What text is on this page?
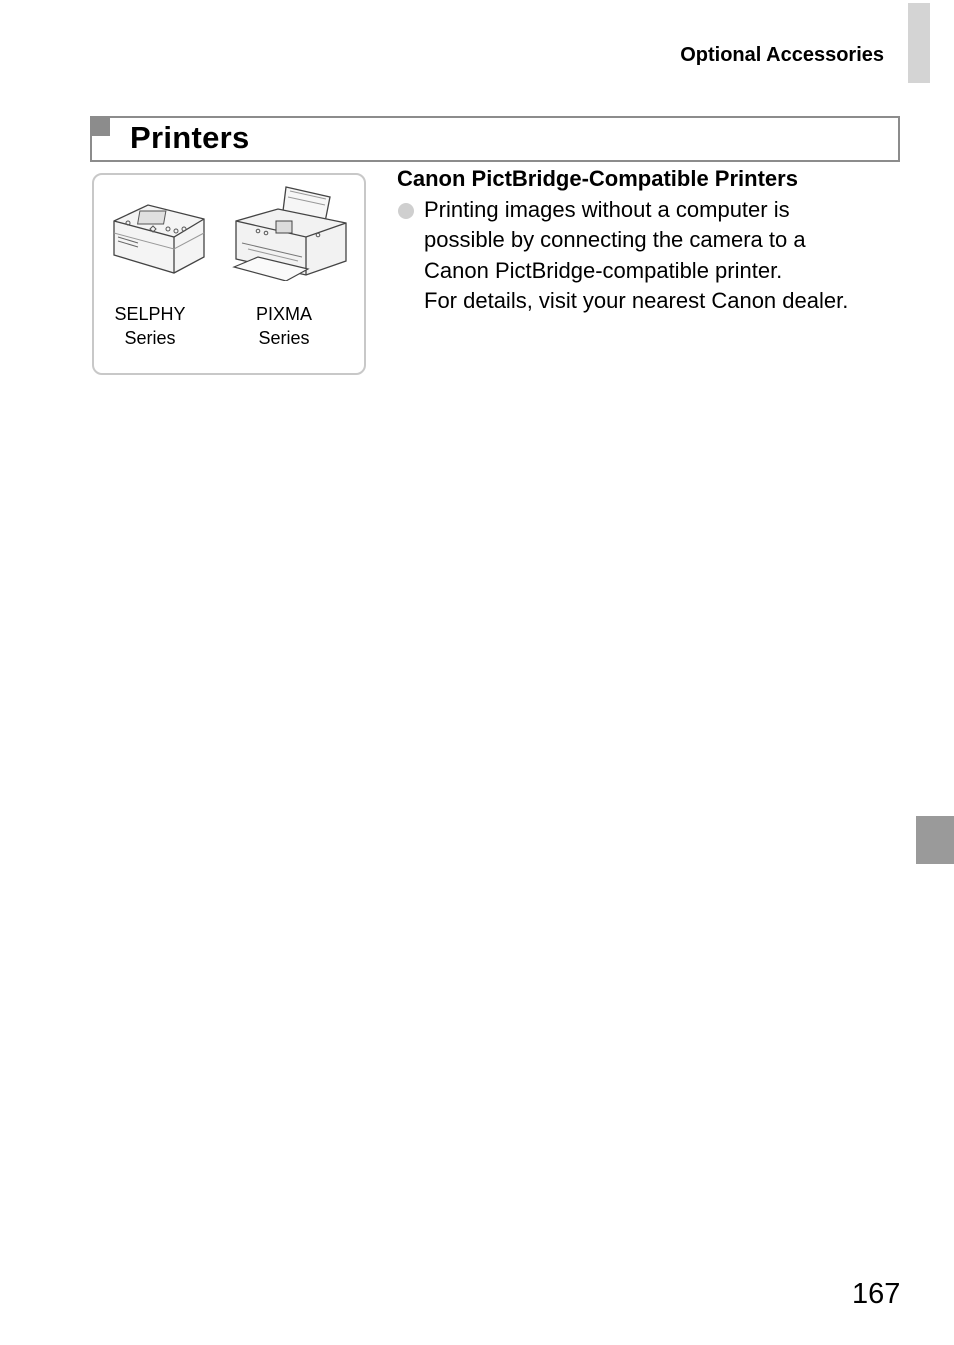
Optional Accessories
Printers
SELPHY
Series
PIXMA
Series
Canon PictBridge-Compatible Printers
Printing images without a computer is
possible by connecting the camera to a
Canon PictBridge-compatible printer.
For details, visit your nearest Canon dealer.
167
